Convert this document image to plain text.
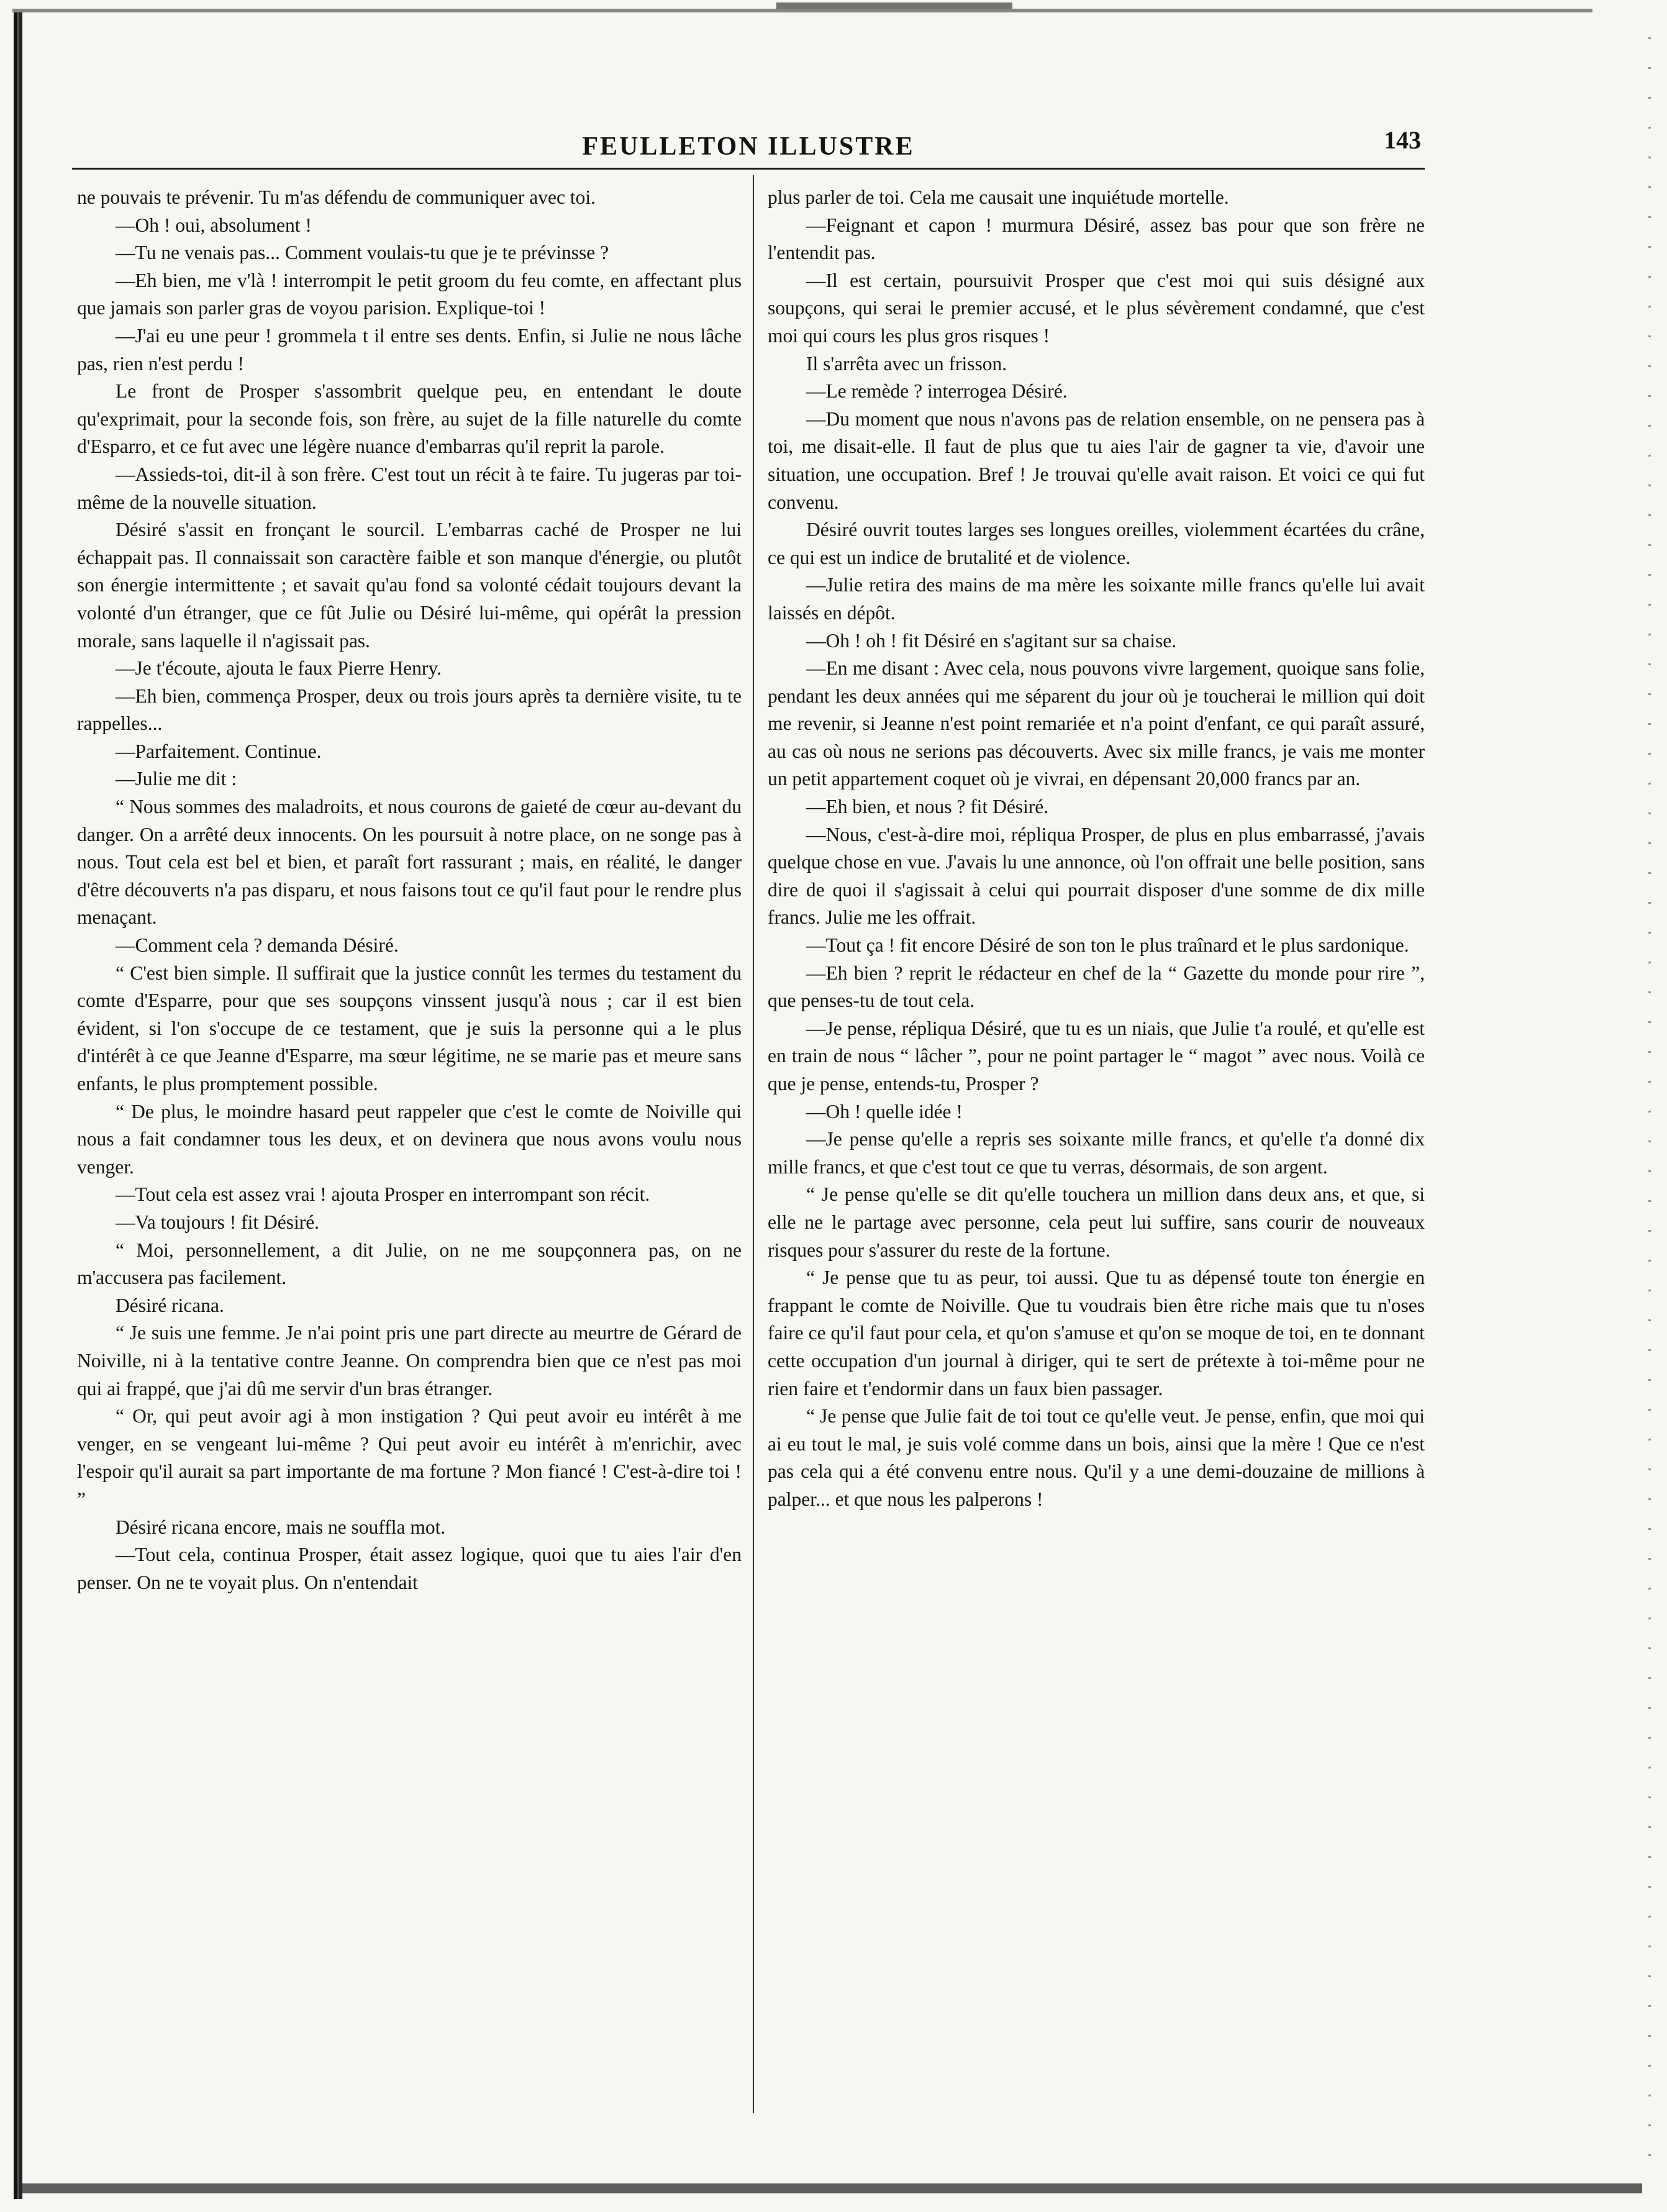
FEULLETON ILLUSTRE	143

ne pouvais te prévenir. Tu m'as défendu de communiquer avec toi.

—Oh ! oui, absolument !

—Tu ne venais pas... Comment voulais-tu que je te prévinsse ?

—Eh bien, me v'là ! interrompit le petit groom du feu comte, en affectant plus que jamais son parler gras de voyou parision. Explique-toi !

—J'ai eu une peur ! grommela t il entre ses dents. Enfin, si Julie ne nous lâche pas, rien n'est perdu !

Le front de Prosper s'assombrit quelque peu, en entendant le doute qu'exprimait, pour la seconde fois, son frère, au sujet de la fille naturelle du comte d'Esparro, et ce fut avec une légère nuance d'embarras qu'il reprit la parole.

—Assieds-toi, dit-il à son frère. C'est tout un récit à te faire. Tu jugeras par toi-même de la nouvelle situation.

Désiré s'assit en fronçant le sourcil. L'embarras caché de Prosper ne lui échappait pas. Il connaissait son caractère faible et son manque d'énergie, ou plutôt son énergie intermittente ; et savait qu'au fond sa volonté cédait toujours devant la volonté d'un étranger, que ce fût Julie ou Désiré lui-même, qui opérât la pression morale, sans laquelle il n'agissait pas.

—Je t'écoute, ajouta le faux Pierre Henry.

—Eh bien, commença Prosper, deux ou trois jours après ta dernière visite, tu te rappelles...

—Parfaitement. Continue.

—Julie me dit :

“ Nous sommes des maladroits, et nous courons de gaieté de cœur au-devant du danger. On a arrêté deux innocents. On les poursuit à notre place, on ne songe pas à nous. Tout cela est bel et bien, et paraît fort rassurant ; mais, en réalité, le danger d'être découverts n'a pas disparu, et nous faisons tout ce qu'il faut pour le rendre plus menaçant.

—Comment cela ? demanda Désiré.

“ C'est bien simple. Il suffirait que la justice connût les termes du testament du comte d'Esparre, pour que ses soupçons vinssent jusqu'à nous ; car il est bien évident, si l'on s'occupe de ce testament, que je suis la personne qui a le plus d'intérêt à ce que Jeanne d'Esparre, ma sœur légitime, ne se marie pas et meure sans enfants, le plus promptement possible.

“ De plus, le moindre hasard peut rappeler que c'est le comte de Noiville qui nous a fait condamner tous les deux, et on devinera que nous avons voulu nous venger.

—Tout cela est assez vrai ! ajouta Prosper en interrompant son récit.

—Va toujours ! fit Désiré.

“ Moi, personnellement, a dit Julie, on ne me soupçonnera pas, on ne m'accusera pas facilement.

Désiré ricana.

“ Je suis une femme. Je n'ai point pris une part directe au meurtre de Gérard de Noiville, ni à la tentative contre Jeanne. On comprendra bien que ce n'est pas moi qui ai frappé, que j'ai dû me servir d'un bras étranger.

“ Or, qui peut avoir agi à mon instigation ? Qui peut avoir eu intérêt à me venger, en se vengeant lui-même ? Qui peut avoir eu intérêt à m'enrichir, avec l'espoir qu'il aurait sa part importante de ma fortune ? Mon fiancé ! C'est-à-dire toi ! ”

Désiré ricana encore, mais ne souffla mot.

—Tout cela, continua Prosper, était assez logique, quoi que tu aies l'air d'en penser. On ne te voyait plus. On n'entendait

plus parler de toi. Cela me causait une inquiétude mortelle.

—Feignant et capon ! murmura Désiré, assez bas pour que son frère ne l'entendit pas.

—Il est certain, poursuivit Prosper que c'est moi qui suis désigné aux soupçons, qui serai le premier accusé, et le plus sévèrement condamné, que c'est moi qui cours les plus gros risques !

Il s'arrêta avec un frisson.

—Le remède ? interrogea Désiré.

—Du moment que nous n'avons pas de relation ensemble, on ne pensera pas à toi, me disait-elle. Il faut de plus que tu aies l'air de gagner ta vie, d'avoir une situation, une occupation. Bref ! Je trouvai qu'elle avait raison. Et voici ce qui fut convenu.

Désiré ouvrit toutes larges ses longues oreilles, violemment écartées du crâne, ce qui est un indice de brutalité et de violence.

—Julie retira des mains de ma mère les soixante mille francs qu'elle lui avait laissés en dépôt.

—Oh ! oh ! fit Désiré en s'agitant sur sa chaise.

—En me disant : Avec cela, nous pouvons vivre largement, quoique sans folie, pendant les deux années qui me séparent du jour où je toucherai le million qui doit me revenir, si Jeanne n'est point remariée et n'a point d'enfant, ce qui paraît assuré, au cas où nous ne serions pas découverts. Avec six mille francs, je vais me monter un petit appartement coquet où je vivrai, en dépensant 20,000 francs par an.

—Eh bien, et nous ? fit Désiré.

—Nous, c'est-à-dire moi, répliqua Prosper, de plus en plus embarrassé, j'avais quelque chose en vue. J'avais lu une annonce, où l'on offrait une belle position, sans dire de quoi il s'agissait à celui qui pourrait disposer d'une somme de dix mille francs. Julie me les offrait.

—Tout ça ! fit encore Désiré de son ton le plus traînard et le plus sardonique.

—Eh bien ? reprit le rédacteur en chef de la “ Gazette du monde pour rire ”, que penses-tu de tout cela.

—Je pense, répliqua Désiré, que tu es un niais, que Julie t'a roulé, et qu'elle est en train de nous “ lâcher ”, pour ne point partager le “ magot ” avec nous. Voilà ce que je pense, entends-tu, Prosper ?

—Oh ! quelle idée !

—Je pense qu'elle a repris ses soixante mille francs, et qu'elle t'a donné dix mille francs, et que c'est tout ce que tu verras, désormais, de son argent.

“ Je pense qu'elle se dit qu'elle touchera un million dans deux ans, et que, si elle ne le partage avec personne, cela peut lui suffire, sans courir de nouveaux risques pour s'assurer du reste de la fortune.

“ Je pense que tu as peur, toi aussi. Que tu as dépensé toute ton énergie en frappant le comte de Noiville. Que tu voudrais bien être riche mais que tu n'oses faire ce qu'il faut pour cela, et qu'on s'amuse et qu'on se moque de toi, en te donnant cette occupation d'un journal à diriger, qui te sert de prétexte à toi-même pour ne rien faire et t'endormir dans un faux bien passager.

“ Je pense que Julie fait de toi tout ce qu'elle veut. Je pense, enfin, que moi qui ai eu tout le mal, je suis volé comme dans un bois, ainsi que la mère ! Que ce n'est pas cela qui a été convenu entre nous. Qu'il y a une demi-douzaine de millions à palper... et que nous les palperons !
